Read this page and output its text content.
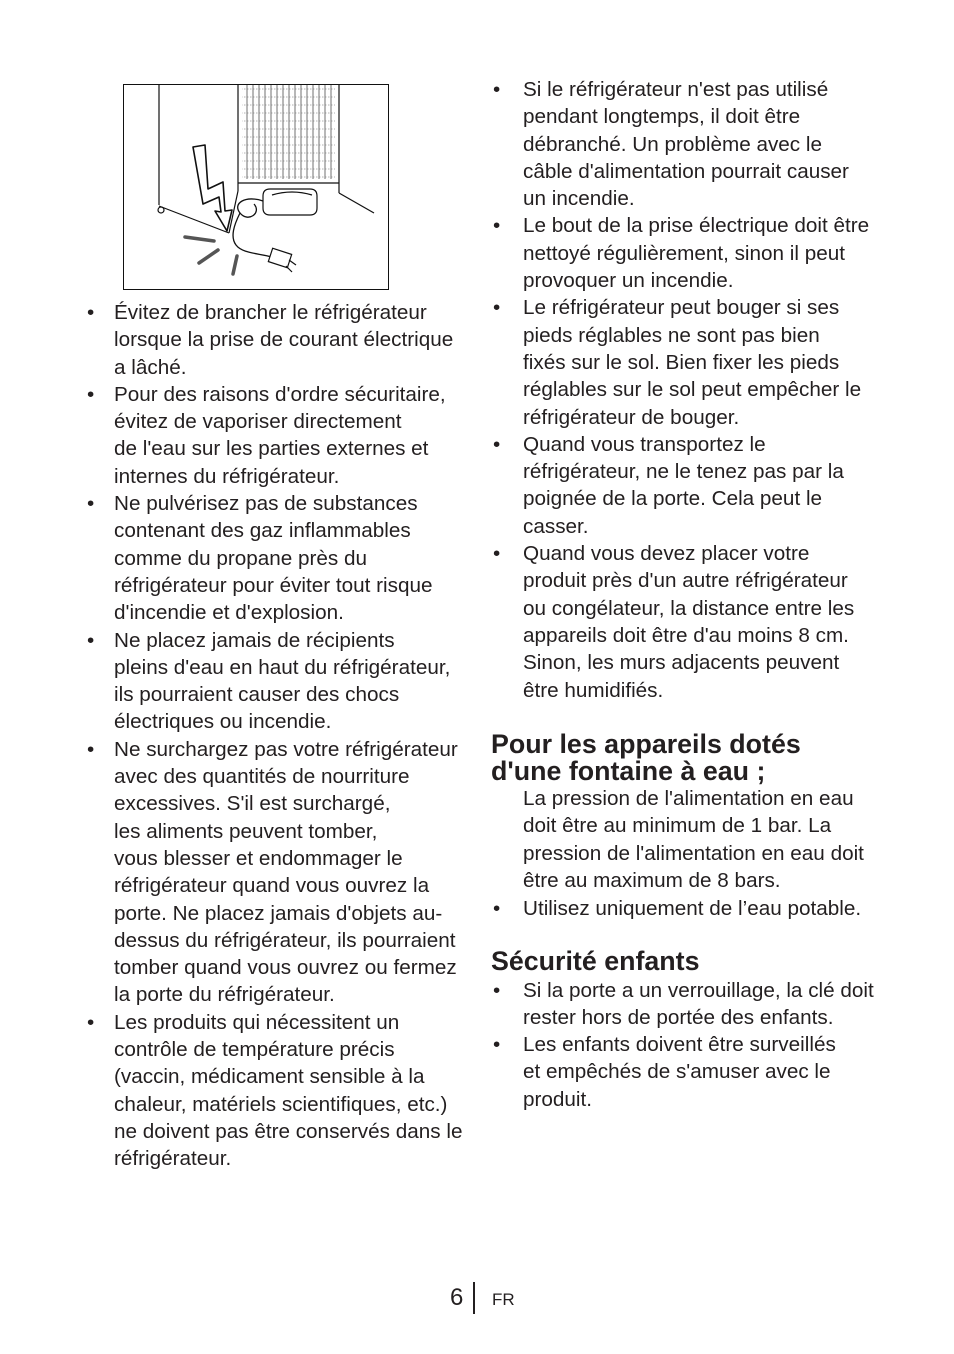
• Évitez de brancher le réfrigérateur
lorsque la prise de courant électrique
a lâché.
• Pour des raisons d'ordre sécuritaire,
évitez de vaporiser directement
de l'eau sur les parties externes et
internes du réfrigérateur.
• Ne pulvérisez pas de substances
contenant des gaz inflammables
comme du propane près du
réfrigérateur pour éviter tout risque
d'incendie et d'explosion.
• Ne placez jamais de récipients
pleins d'eau en haut du réfrigérateur,
ils pourraient causer des chocs
électriques ou incendie.
• Ne surchargez pas votre réfrigérateur
avec des quantités de nourriture
excessives. S'il est surchargé,
les aliments peuvent tomber,
vous blesser et endommager le
réfrigérateur quand vous ouvrez la
porte. Ne placez jamais d'objets au-
dessus du réfrigérateur, ils pourraient
tomber quand vous ouvrez ou fermez
la porte du réfrigérateur.
• Les produits qui nécessitent un
contrôle de température précis
(vaccin, médicament sensible à la
chaleur, matériels scientifiques, etc.)
ne doivent pas être conservés dans le
réfrigérateur.
• Si le réfrigérateur n'est pas utilisé
pendant longtemps, il doit être
débranché. Un problème avec le
câble d'alimentation pourrait causer
un incendie.
• Le bout de la prise électrique doit être
nettoyé régulièrement, sinon il peut
provoquer un incendie.
• Le réfrigérateur peut bouger si ses
pieds réglables ne sont pas bien
fixés sur le sol. Bien fixer les pieds
réglables sur le sol peut empêcher le
réfrigérateur de bouger.
• Quand vous transportez le
réfrigérateur, ne le tenez pas par la
poignée de la porte. Cela peut le
casser.
• Quand vous devez placer votre
produit près d'un autre réfrigérateur
ou congélateur, la distance entre les
appareils doit être d'au moins 8 cm.
Sinon, les murs adjacents peuvent
être humidifiés.
Pour les appareils dotés
d'une fontaine à eau ;

La pression de l'alimentation en eau
doit être au minimum de 1 bar. La
pression de l'alimentation en eau doit
être au maximum de 8 bars.

• Utilisez uniquement de l’eau potable.
Sécurité enfants
• Si la porte a un verrouillage, la clé doit
rester hors de portée des enfants.
• Les enfants doivent être surveillés
et empêchés de s'amuser avec le
produit.
6 FR
